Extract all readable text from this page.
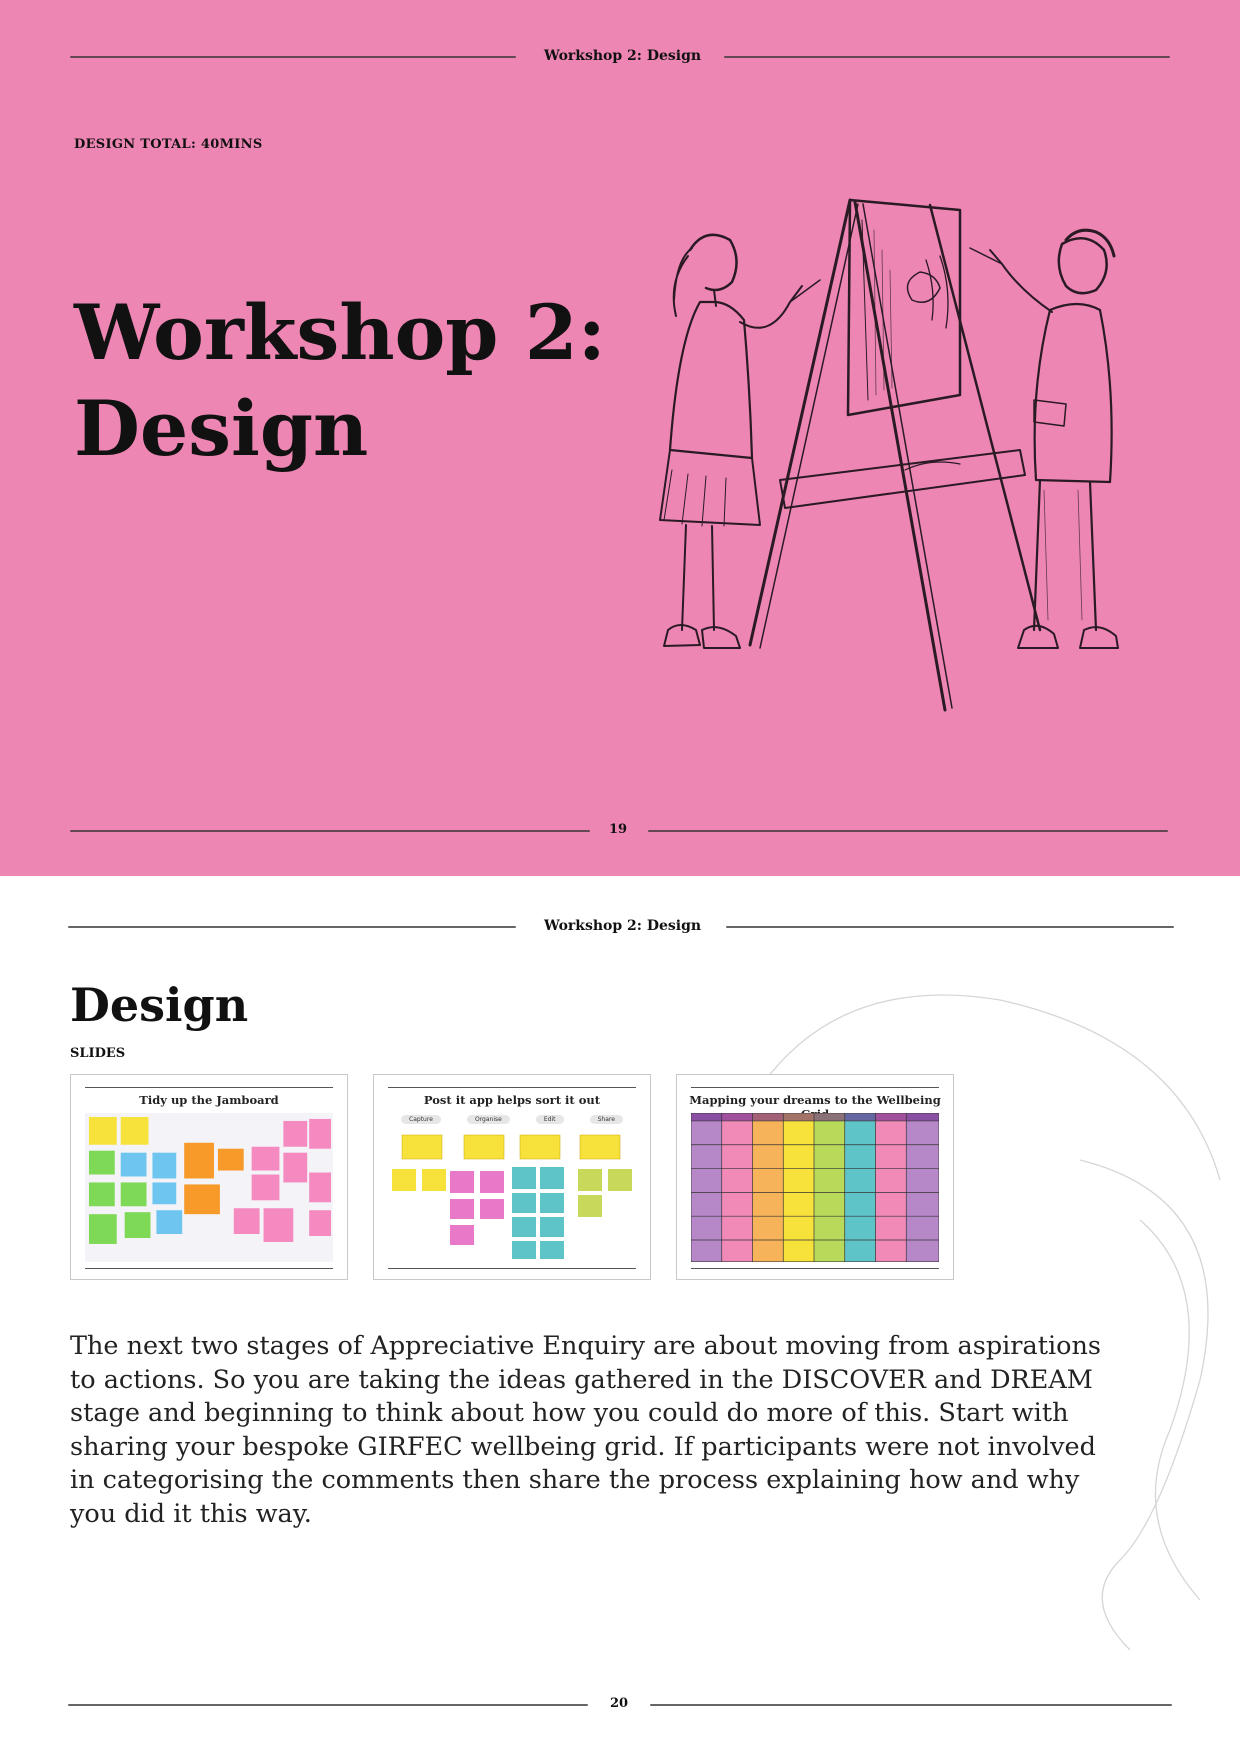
Workshop 2: Design
DESIGN TOTAL: 40MINS
Workshop 2:
Design
19
Workshop 2: Design
Design
SLIDES
Tidy up the Jamboard	Post it app helps sort it out
Capture	Organise	Edit	Share
Mapping your dreams to the Wellbeing

The next two stages of Appreciative Enquiry are about moving from aspirations to actions. So you are taking the ideas gathered in the DISCOVER and DREAM stage and beginning to think about how you could do more of this. Start with sharing your bespoke GIRFEC wellbeing grid. If participants were not involved in categorising the comments then share the process explaining how and why you did it this way.

20
